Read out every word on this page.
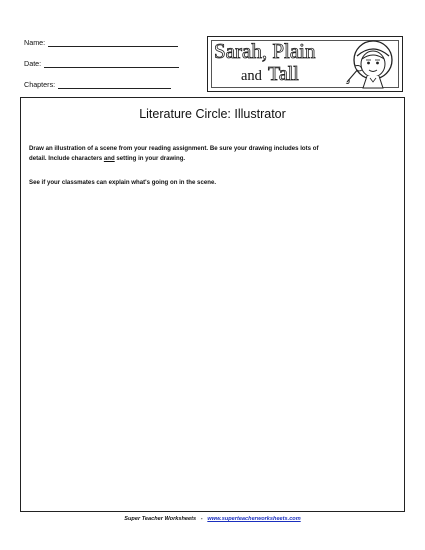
Name:
Date:
Chapters:
Sarah, Plain
and Tall
Literature Circle: Illustrator
Draw an illustration of a scene from your reading assignment. Be sure your drawing includes lots of
detail. Include characters and setting in your drawing.
See if your classmates can explain what's going on in the scene.
Super Teacher Worksheets - www.superteacherworksheets.com
